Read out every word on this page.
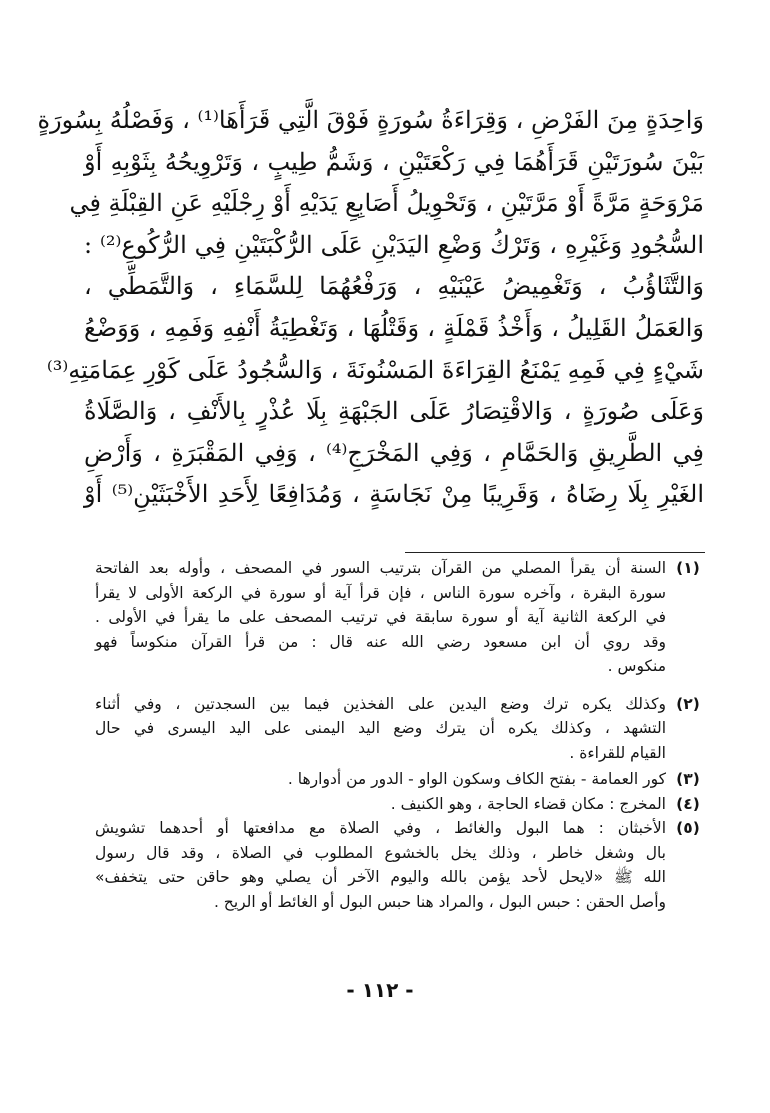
وَاحِدَةٍ مِنَ الفَرْضِ ، وَقِرَاءَةُ سُورَةٍ فَوْقَ الَّتِي قَرَأَهَا⁽¹⁾ ، وَفَصْلُهُ بِسُورَةٍ
بَيْنَ سُورَتَيْنِ قَرَأَهُمَا فِي رَكْعَتَيْنِ ، وَشَمُّ طِيبٍ ، وَتَرْوِيحُهُ بِثَوْبِهِ أَوْ
مَرْوَحَةٍ مَرَّةً أَوْ مَرَّتَيْنِ ، وَتَحْوِيلُ أَصَابِعِ يَدَيْهِ أَوْ رِجْلَيْهِ عَنِ القِبْلَةِ فِي
السُّجُودِ وَغَيْرِهِ ، وَتَرْكُ وَضْعِ اليَدَيْنِ عَلَى الرُّكْبَتَيْنِ فِي الرُّكُوعِ⁽²⁾ :
وَالتَّثَاؤُبُ ، وَتَغْمِيضُ عَيْنَيْهِ ، وَرَفْعُهُمَا لِلسَّمَاءِ ، وَالتَّمَطِّي ،
وَالعَمَلُ القَلِيلُ ، وَأَخْذُ قَمْلَةٍ ، وَقَتْلُهَا ، وَتَغْطِيَةُ أَنْفِهِ وَفَمِهِ ، وَوَضْعُ
شَيْءٍ فِي فَمِهِ يَمْنَعُ القِرَاءَةَ المَسْنُونَةَ ، وَالسُّجُودُ عَلَى كَوْرِ عِمَامَتِهِ⁽³⁾
وَعَلَى صُورَةٍ ، وَالاقْتِصَارُ عَلَى الجَبْهَةِ بِلَا عُذْرٍ بِالأَنْفِ ، وَالصَّلَاةُ
فِي الطَّرِيقِ وَالحَمَّامِ ، وَفِي المَخْرَجِ⁽⁴⁾ ، وَفِي المَقْبَرَةِ ، وَأَرْضِ
الغَيْرِ بِلَا رِضَاهُ ، وَقَرِيبًا مِنْ نَجَاسَةٍ ، وَمُدَافِعًا لِأَحَدِ الأَخْبَثَيْنِ⁽⁵⁾ أَوْ
(١)
السنة أن يقرأ المصلي من القرآن بترتيب السور في المصحف ، وأوله بعد الفاتحة
سورة البقرة ، وآخره سورة الناس ، فإن قرأ آية أو سورة في الركعة الأولى لا يقرأ
في الركعة الثانية آية أو سورة سابقة في ترتيب المصحف على ما يقرأ في الأولى .
وقد روي أن ابن مسعود رضي الله عنه قال : من قرأ القرآن منكوساً فهو
منكوس .
(٢)
وكذلك يكره ترك وضع اليدين على الفخذين فيما بين السجدتين ، وفي أثناء
التشهد ، وكذلك يكره أن يترك وضع اليد اليمنى على اليد اليسرى في حال
القيام للقراءة .
(٣)
كور العمامة - بفتح الكاف وسكون الواو - الدور من أدوارها .
(٤)
المخرج : مكان قضاء الحاجة ، وهو الكنيف .
(٥)
الأخبثان : هما البول والغائط ، وفي الصلاة مع مدافعتها أو أحدهما تشويش
بال وشغل خاطر ، وذلك يخل بالخشوع المطلوب في الصلاة ، وقد قال رسول
الله ﷺ «لايحل لأحد يؤمن بالله واليوم الآخر أن يصلي وهو حاقن حتى يتخفف»
وأصل الحقن : حبس البول ، والمراد هنا حبس البول أو الغائط أو الريح .
- ١١٢ -
